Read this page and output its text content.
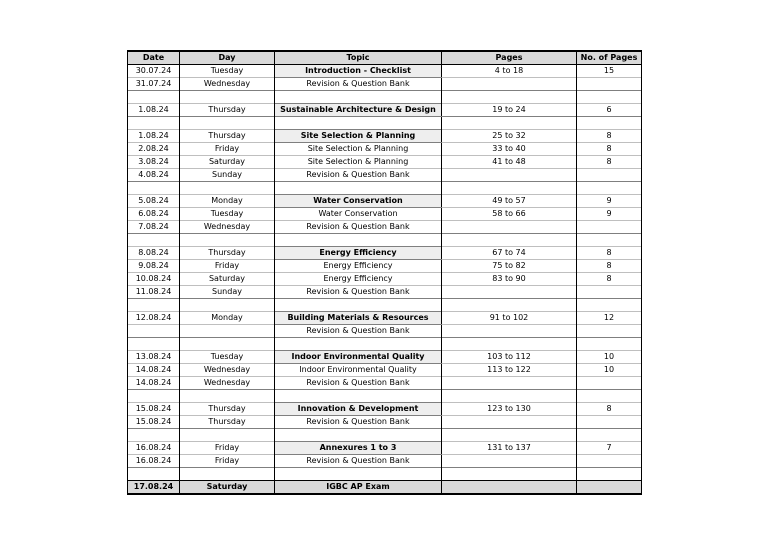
Date	Day	Topic	Pages	No. of Pages
30.07.24	Tuesday	Introduction - Checklist	4 to 18	15
31.07.24	Wednesday	Revision & Question Bank		

1.08.24	Thursday	Sustainable Architecture & Design	19 to 24	6

1.08.24	Thursday	Site Selection & Planning	25 to 32	8
2.08.24	Friday	Site Selection & Planning	33 to 40	8
3.08.24	Saturday	Site Selection & Planning	41 to 48	8
4.08.24	Sunday	Revision & Question Bank		

5.08.24	Monday	Water Conservation	49 to 57	9
6.08.24	Tuesday	Water Conservation	58 to 66	9
7.08.24	Wednesday	Revision & Question Bank		

8.08.24	Thursday	Energy Efficiency	67 to 74	8
9.08.24	Friday	Energy Efficiency	75 to 82	8
10.08.24	Saturday	Energy Efficiency	83 to 90	8
11.08.24	Sunday	Revision & Question Bank		

12.08.24	Monday	Building Materials & Resources	91 to 102	12
		Revision & Question Bank		

13.08.24	Tuesday	Indoor Environmental Quality	103 to 112	10
14.08.24	Wednesday	Indoor Environmental Quality	113 to 122	10
14.08.24	Wednesday	Revision & Question Bank		

15.08.24	Thursday	Innovation & Development	123 to 130	8
15.08.24	Thursday	Revision & Question Bank		

16.08.24	Friday	Annexures 1 to 3	131 to 137	7
16.08.24	Friday	Revision & Question Bank		

17.08.24	Saturday	IGBC AP Exam		
